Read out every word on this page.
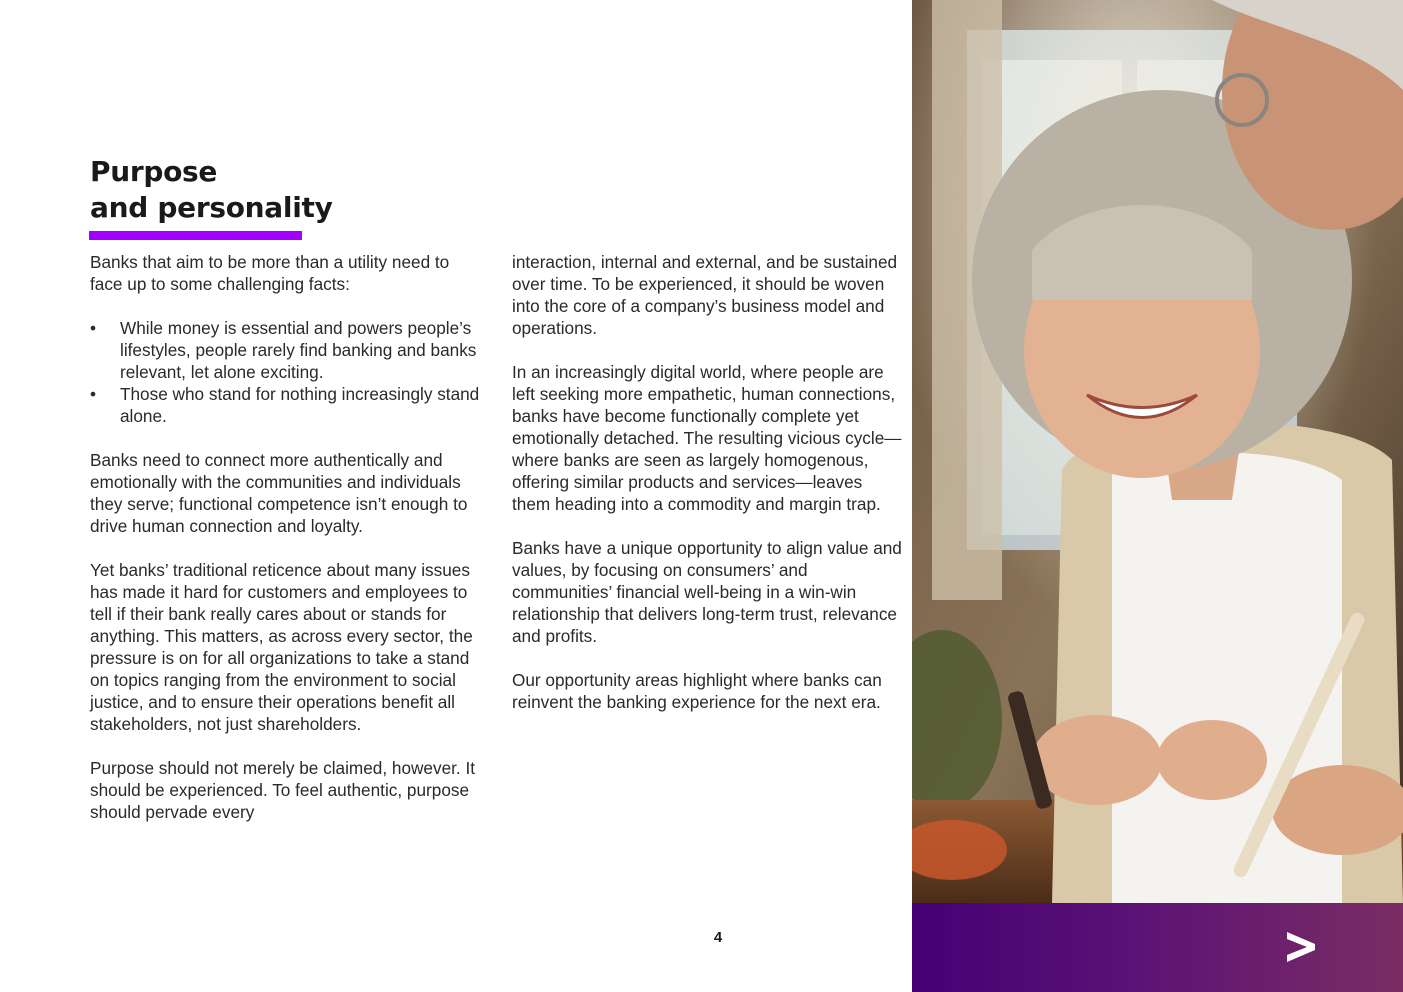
Purpose
and personality

Banks that aim to be more than a utility need to face up to some challenging facts:

• While money is essential and powers people’s lifestyles, people rarely find banking and banks relevant, let alone exciting.
• Those who stand for nothing increasingly stand alone.

Banks need to connect more authentically and emotionally with the communities and individuals they serve; functional competence isn’t enough to drive human connection and loyalty.

Yet banks’ traditional reticence about many issues has made it hard for customers and employees to tell if their bank really cares about or stands for anything. This matters, as across every sector, the pressure is on for all organizations to take a stand on topics ranging from the environment to social justice, and to ensure their operations benefit all stakeholders, not just shareholders.

Purpose should not merely be claimed, however. It should be experienced. To feel authentic, purpose should pervade every

interaction, internal and external, and be sustained over time. To be experienced, it should be woven into the core of a company’s business model and operations.

In an increasingly digital world, where people are left seeking more empathetic, human connections, banks have become functionally complete yet emotionally detached. The resulting vicious cycle—where banks are seen as largely homogenous, offering similar products and services—leaves them heading into a commodity and margin trap.

Banks have a unique opportunity to align value and values, by focusing on consumers’ and communities’ financial well-being in a win-win relationship that delivers long-term trust, relevance and profits.

Our opportunity areas highlight where banks can reinvent the banking experience for the next era.

4
